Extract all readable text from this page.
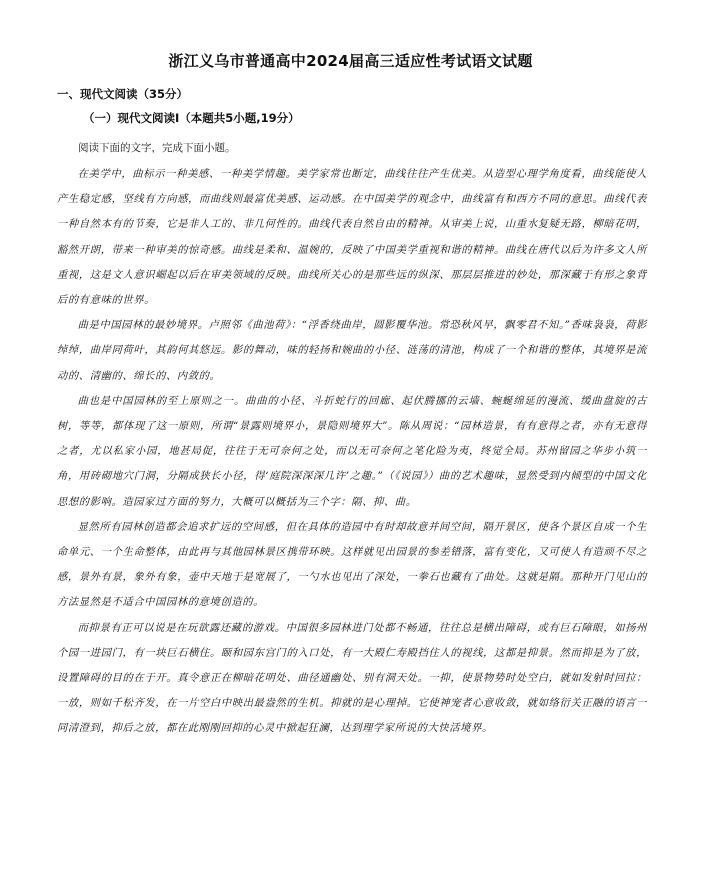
浙江义乌市普通高中2024届高三适应性考试语文试题
一、现代文阅读（35分）
（一）现代文阅读Ⅰ（本题共5小题,19分）
阅读下面的文字，完成下面小题。

在美学中，曲标示一种美感、一种美学情趣。美学家常也断定，曲线往往产生优美。从造型心理学角度看，曲线能使人产生稳定感，坚线有方向感，而曲线则最富优美感、运动感。在中国美学的观念中，曲线富有和西方不同的意思。曲线代表一种自然本有的节奏，它是非人工的、非几何性的。曲线代表自然自由的精神。从审美上说，山重水复疑无路，柳暗花明，豁然开朗，带来一种审美的惊奇感。曲线是柔和、温婉的，反映了中国美学重视和谐的精神。曲线在唐代以后为许多文人所重视，这是文人意识崛起以后在审美领域的反映。曲线所关心的是那些远的纵深、那层层推进的妙处，那深藏于有形之象背后的有意味的世界。

曲是中国园林的最妙境界。卢照邻《曲池荷》：“浮香绕曲岸，圆影覆华池。常恐秋风早，飘零君不知。”香味袅袅，荷影绰绰，曲岸同荷叶，其韵何其悠远。影的舞动，味的轻扬和婉曲的小径、涟荡的清池，构成了一个和谐的整体，其境界是流动的、清幽的、绵长的、内敛的。

曲也是中国园林的至上原则之一。曲曲的小径、斗折蛇行的回廊、起伏腾挪的云墙、蜿蜒绵延的漫流、缓曲盘旋的古树，等等，都体现了这一原则，所谓“景露则境界小，景隐则境界大”。陈从周说：“园林造景，有有意得之者，亦有无意得之者，尤以私家小园，地甚局促，往往于无可奈何之处，而以无可奈何之笔化险为夷，终觉全局。苏州留园之华步小筑一角，用砖砌地穴门洞，分隔成狭长小径，得‘庭院深深深几许’之趣。”（《说园》）曲的艺术趣味，显然受到内倾型的中国文化思想的影响。造园家过方面的努力，大概可以概括为三个字：隔、抑、曲。

显然所有园林创造都会追求扩远的空间感，但在具体的造园中有时却故意并间空间，隔开景区，使各个景区自成一个生命单元、一个生命整体，由此再与其他园林景区携带环映。这样就见出园景的参差错落，富有变化，又可使人有造顽不尽之感，景外有景，象外有象，壶中天地于是宽展了，一勺水也见出了深处，一拳石也藏有了曲处。这就是隔。那种开门见山的方法显然是不适合中国园林的意境创造的。

而抑景有正可以说是在玩欲露还藏的游戏。中国很多园林进门处都不畅通，往往总是横出障碍，或有巨石障眼，如扬州个园一进园门，有一块巨石横住。颐和园东宫门的入口处，有一大殿仁寿殿挡住人的视线，这都是抑景。然而抑是为了放，设置障碍的目的在于开。真令意正在柳暗花明处、曲径通幽处、别有洞天处。一抑，使景物势时处空白，就如发射时回拉：一放，则如千松齐发，在一片空白中映出最盎然的生机。抑就的是心理掉。它使神宠者心意收敛，就如络衍关正融的语言一同清澄到，抑后之放，都在此刚刚回抑的心灵中掀起狂澜，达到理学家所说的大快活境界。
